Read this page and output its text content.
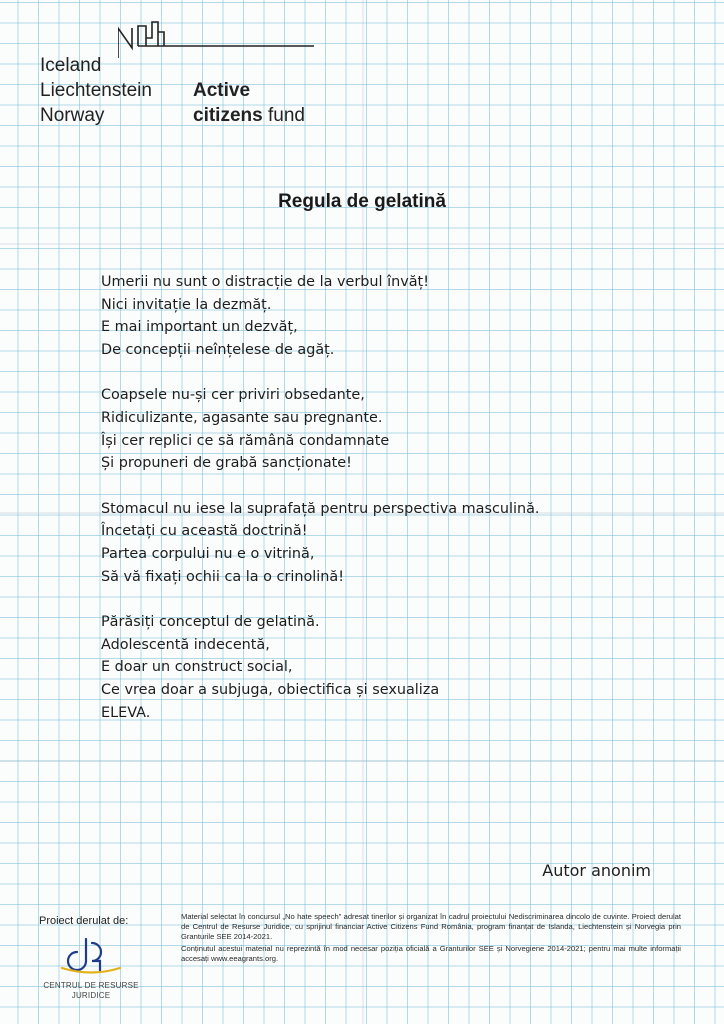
Iceland
Liechtenstein
Norway
Active
citizens fund
Regula de gelatină
Umerii nu sunt o distracție de la verbul învăț!
Nici invitație la dezmăț.
E mai important un dezvăț,
De concepții neînțelese de agăț.
Coapsele nu-și cer priviri obsedante,
Ridiculizante, agasante sau pregnante.
Își cer replici ce să rămână condamnate
Și propuneri de grabă sancționate!
Stomacul nu iese la suprafață pentru perspectiva masculină.
Încetați cu această doctrină!
Partea corpului nu e o vitrină,
Să vă fixați ochii ca la o crinolină!
Părăsiți conceptul de gelatină.
Adolescentă indecentă,
E doar un construct social,
Ce vrea doar a subjuga, obiectifica și sexualiza
ELEVA.
Autor anonim
Proiect derulat de:
CENTRUL DE RESURSE
JURIDICE

Material selectat în concursul „No hate speech” adresat tinerilor și organizat în cadrul proiectului Nediscriminarea dincolo de cuvinte. Proiect derulat de Centrul de Resurse Juridice, cu sprijinul financiar Active Citizens Fund România, program finanțat de Islanda, Liechtenstein și Norvegia prin Granturile SEE 2014-2021.

Conținutul acestui material nu reprezintă în mod necesar poziția oficială a Granturilor SEE și Norvegiene 2014-2021; pentru mai multe informații accesați www.eeagrants.org.
